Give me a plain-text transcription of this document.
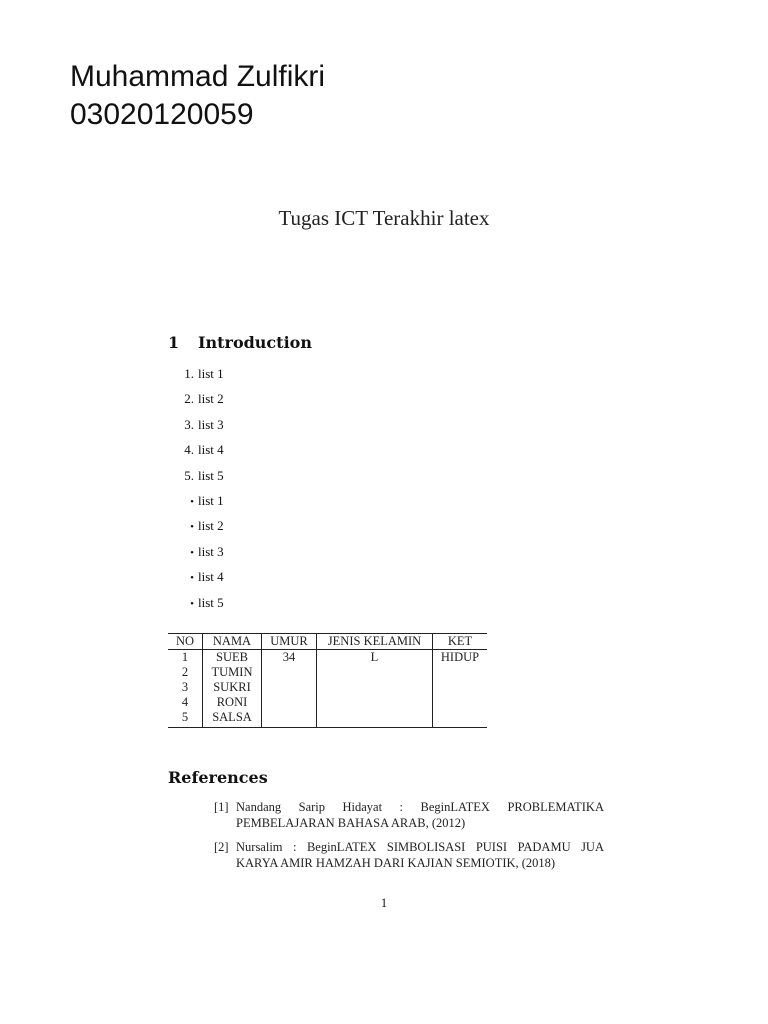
Muhammad Zulfikri
03020120059
Tugas ICT Terakhir latex
1 Introduction
1. list 1
2. list 2
3. list 3
4. list 4
5. list 5
• list 1
• list 2
• list 3
• list 4
• list 5
NO	NAMA	UMUR	JENIS KELAMIN	KET
1	SUEB	34	L	HIDUP
2	TUMIN			
3	SUKRI			
4	RONI			
5	SALSA			
References
[1] Nandang Sarip Hidayat : BeginLATEX PROBLEMATIKA PEMBELAJARAN BAHASA ARAB, (2012)
[2] Nursalim : BeginLATEX SIMBOLISASI PUISI PADAMU JUA KARYA AMIR HAMZAH DARI KAJIAN SEMIOTIK, (2018)
1
